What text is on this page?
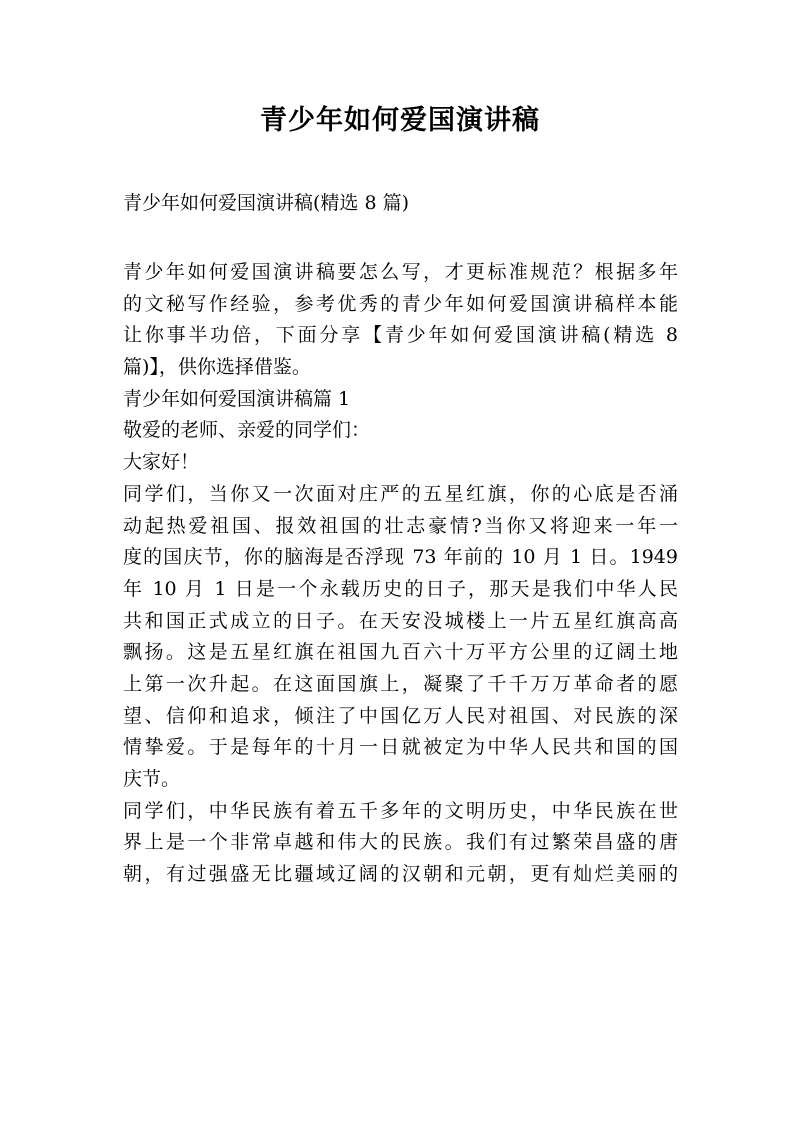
青少年如何爱国演讲稿
青少年如何爱国演讲稿(精选 8 篇)
青少年如何爱国演讲稿要怎么写，才更标准规范？根据多年
的文秘写作经验，参考优秀的青少年如何爱国演讲稿样本能
让你事半功倍，下面分享【青少年如何爱国演讲稿(精选 8
篇)】，供你选择借鉴。
青少年如何爱国演讲稿篇 1
敬爱的老师、亲爱的同学们：
大家好！
同学们，当你又一次面对庄严的五星红旗，你的心底是否涌
动起热爱祖国、报效祖国的壮志豪情?当你又将迎来一年一
度的国庆节，你的脑海是否浮现 73 年前的 10 月 1 日。1949
年 10 月 1 日是一个永载历史的日子，那天是我们中华人民
共和国正式成立的日子。在天安没城楼上一片五星红旗高高
飘扬。这是五星红旗在祖国九百六十万平方公里的辽阔土地
上第一次升起。在这面国旗上，凝聚了千千万万革命者的愿
望、信仰和追求，倾注了中国亿万人民对祖国、对民族的深
情挚爱。于是每年的十月一日就被定为中华人民共和国的国
庆节。
同学们，中华民族有着五千多年的文明历史，中华民族在世
界上是一个非常卓越和伟大的民族。我们有过繁荣昌盛的唐
朝，有过强盛无比疆域辽阔的汉朝和元朝，更有灿烂美丽的
